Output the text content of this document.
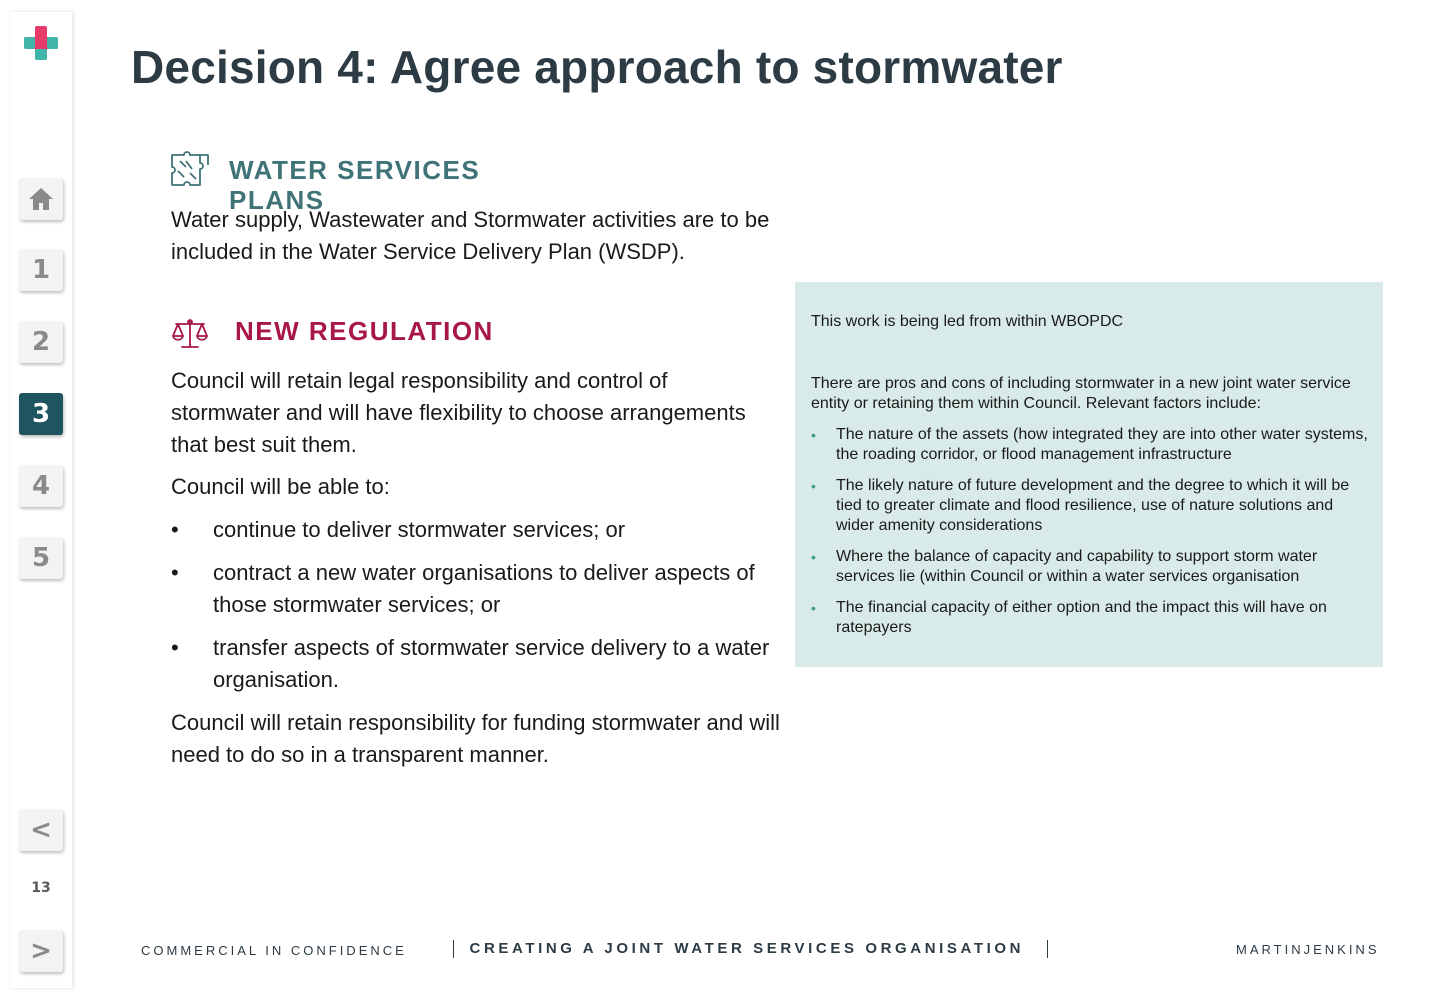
1
2
3
4
5
<
13
>
Decision 4: Agree approach to stormwater
WATER SERVICES PLANS

Water supply, Wastewater and Stormwater activities are to be included in the Water Service Delivery Plan (WSDP).

NEW REGULATION

Council will retain legal responsibility and control of stormwater and will have flexibility to choose arrangements that best suit them.

Council will be able to:

• continue to deliver stormwater services; or
• contract a new water organisations to deliver aspects of those stormwater services; or
• transfer aspects of stormwater service delivery to a water organisation.

Council will retain responsibility for funding stormwater and will need to do so in a transparent manner.

This work is being led from within WBOPDC

There are pros and cons of including stormwater in a new joint water service entity or retaining them within Council. Relevant factors include:

• The nature of the assets (how integrated they are into other water systems, the roading corridor, or flood management infrastructure
• The likely nature of future development and the degree to which it will be tied to greater climate and flood resilience, use of nature solutions and wider amenity considerations
• Where the balance of capacity and capability to support storm water services lie (within Council or within a water services organisation
• The financial capacity of either option and the impact this will have on ratepayers
COMMERCIAL IN CONFIDENCE	CREATING A JOINT WATER SERVICES ORGANISATION	MARTINJENKINS
